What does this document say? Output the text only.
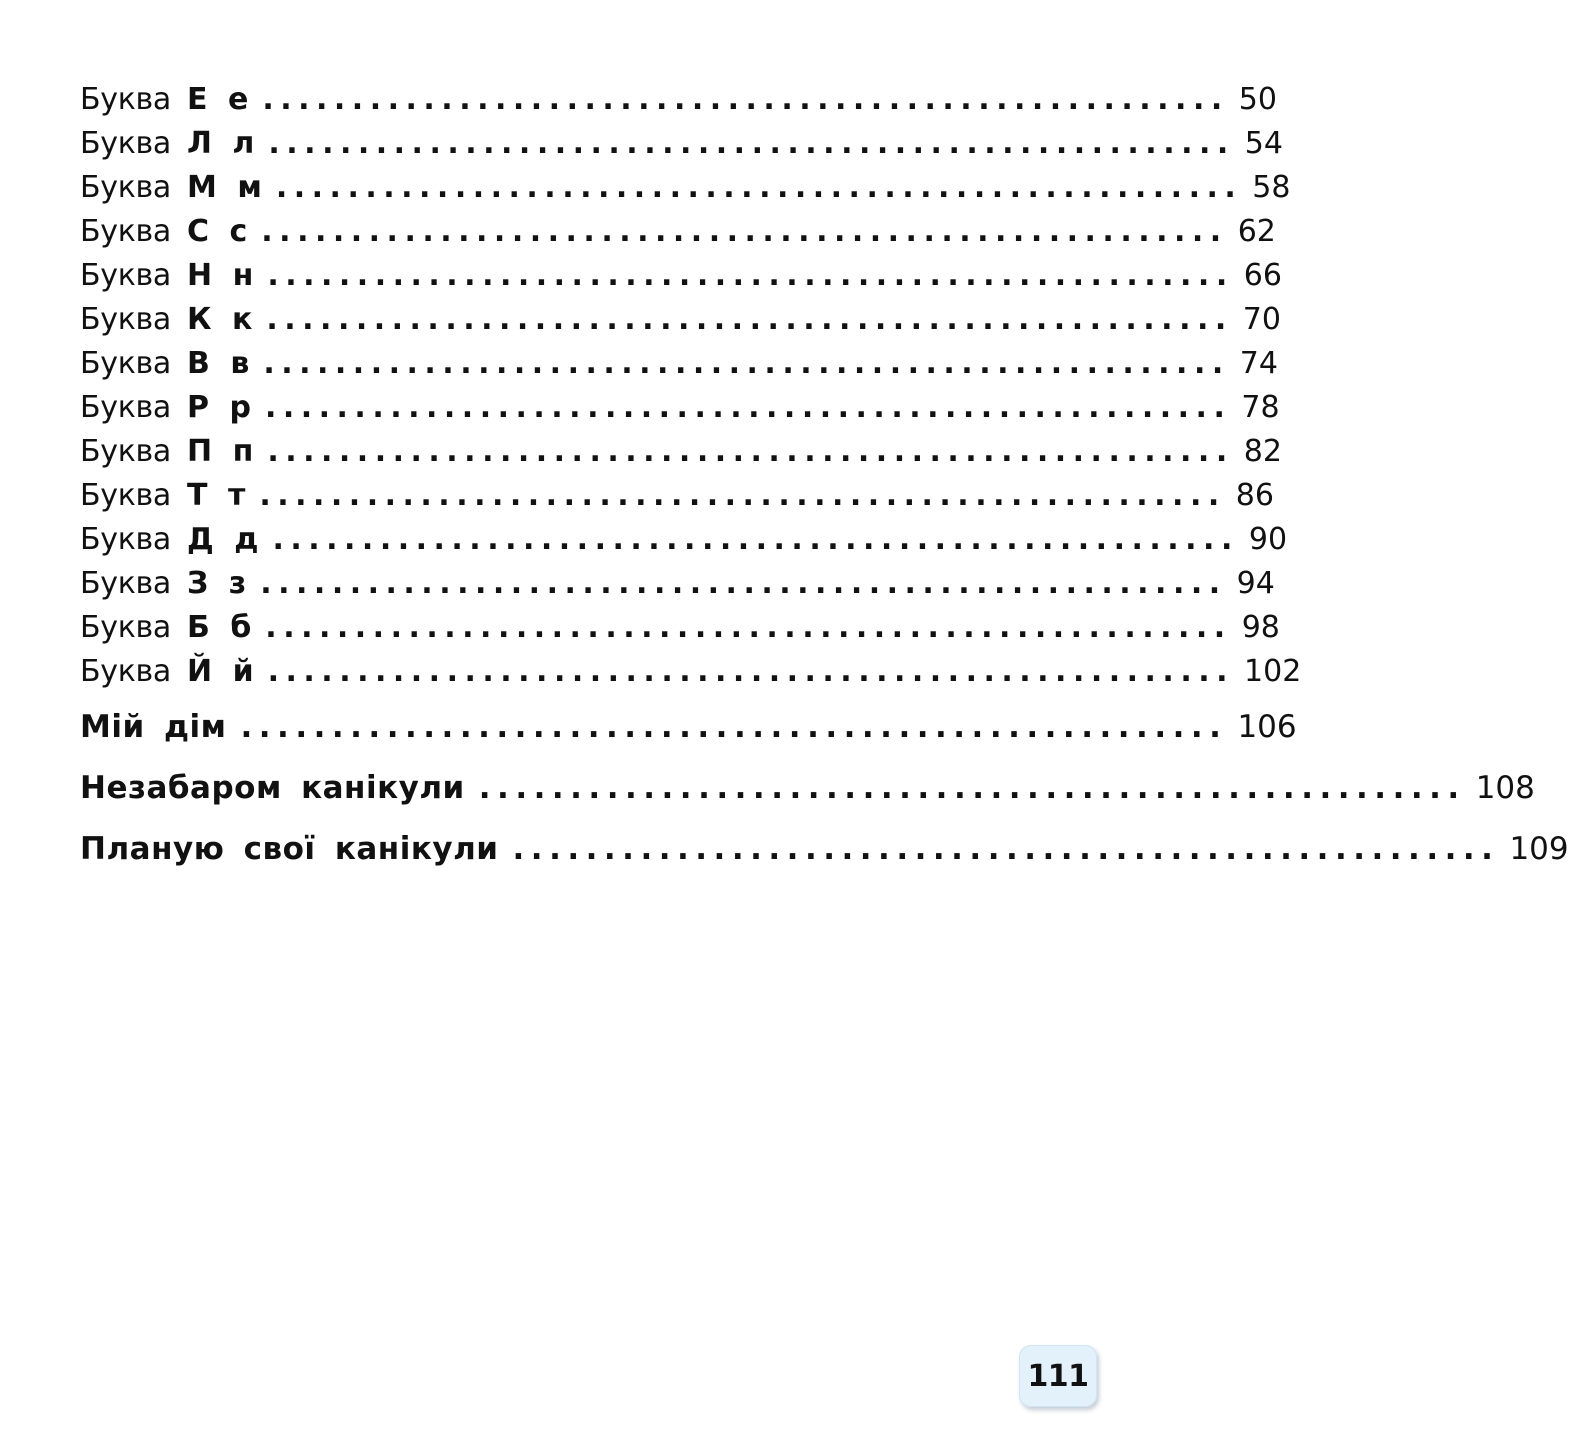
Буква Е е ...................................................... 50
Буква Л л ...................................................... 54
Буква М м ...................................................... 58
Буква С с ...................................................... 62
Буква Н н ...................................................... 66
Буква К к ...................................................... 70
Буква В в ...................................................... 74
Буква Р р ...................................................... 78
Буква П п ...................................................... 82
Буква Т т ...................................................... 86
Буква Д д ...................................................... 90
Буква З з ...................................................... 94
Буква Б б ...................................................... 98
Буква Й й ...................................................... 102
Мій дім ...................................................... 106
Незабаром канікули ...................................................... 108
Планую свої канікули ...................................................... 109
111
